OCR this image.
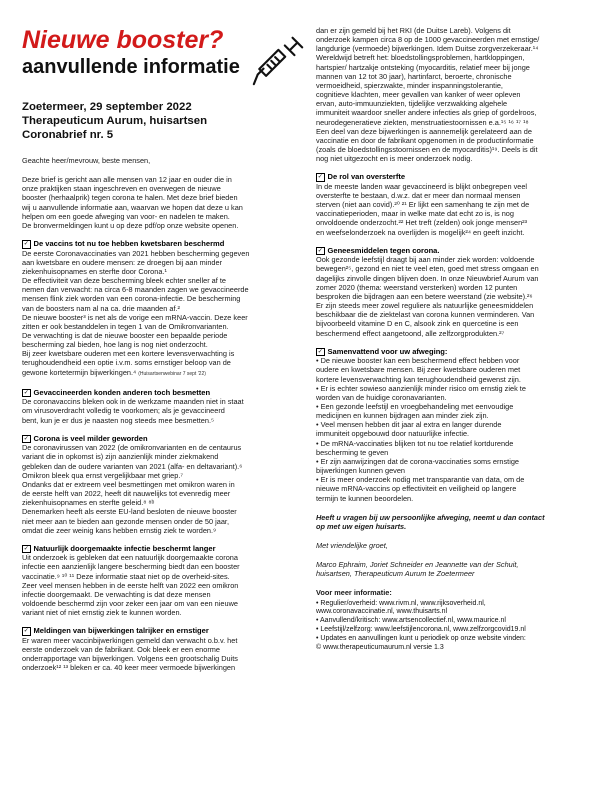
Nieuwe booster?
aanvullende informatie
Zoetermeer, 29 september 2022
Therapeuticum Aurum, huisartsen
Coronabrief nr. 5

Geachte heer/mevrouw, beste mensen,

Deze brief is gericht aan alle mensen van 12 jaar en ouder die in
onze praktijken staan ingeschreven en overwegen de nieuwe
booster (herhaalprik) tegen corona te halen. Met deze brief bieden
wij u aanvullende informatie aan, waarvan we hopen dat deze u kan
helpen om een goede afweging van voor- en nadelen te maken.
De bronvermeldingen kunt u op deze pdf/op onze website openen.
✓ De vaccins tot nu toe hebben kwetsbaren beschermd
De eerste Coronavaccinaties van 2021 hebben bescherming gegeven
aan kwetsbare en oudere mensen: ze droegen bij aan minder
ziekenhuisopnames en sterfte door Corona.¹
De effectiviteit van deze bescherming bleek echter sneller af te
nemen dan verwacht: na circa 6-8 maanden zagen we gevaccineerde
mensen flink ziek worden van een corona-infectie. De bescherming
van de boosters nam al na ca. drie maanden af.²
De nieuwe booster³ is net als de vorige een mRNA-vaccin. Deze keer
zitten er ook bestanddelen in tegen 1 van de Omikronvarianten.
De verwachting is dat de nieuwe booster een bepaalde periode
bescherming zal bieden, hoe lang is nog niet onderzocht.
Bij zeer kwetsbare ouderen met een kortere levensverwachting is
terughoudendheid een optie i.v.m. soms ernstiger beloop van de
gewone kortetermijn bijwerkingen.⁴ (Huisartsenwebinar 7 sept '22)
✓ Gevaccineerden konden anderen toch besmetten
De coronavaccins bleken ook in de werkzame maanden niet in staat
om virusoverdracht volledig te voorkomen; als je gevaccineerd
bent, kun je er dus je naasten nog steeds mee besmetten.⁵
✓ Corona is veel milder geworden
De coronavirussen van 2022 (de omikronvarianten en de centaurus
variant die in opkomst is) zijn aanzienlijk minder ziekmakend
gebleken dan de oudere varianten van 2021 (alfa- en deltavariant).⁶
Omikron bleek qua ernst vergelijkbaar met griep.⁷
Ondanks dat er extreem veel besmettingen met omikron waren in
de eerste helft van 2022, heeft dit nauwelijks tot evenredig meer
ziekenhuisopnames en sterfte geleid.⁸ ⁸ᵇ
Denemarken heeft als eerste EU-land besloten de nieuwe booster
niet meer aan te bieden aan gezonde mensen onder de 50 jaar,
omdat die zeer weinig kans hebben ernstig ziek te worden.⁹
✓ Natuurlijk doorgemaakte infectie beschermt langer
Uit onderzoek is gebleken dat een natuurlijk doorgemaakte corona
infectie een aanzienlijk langere bescherming biedt dan een booster
vaccinatie.⁹ ¹⁰ ¹¹ Deze informatie staat niet op de overheid-sites.
Zeer veel mensen hebben in de eerste helft van 2022 een omikron
infectie doorgemaakt. De verwachting is dat deze mensen
voldoende beschermd zijn voor zeker een jaar om van een nieuwe
variant niet of niet ernstig ziek te kunnen worden.
✓ Meldingen van bijwerkingen talrijker en ernstiger
Er waren meer vaccinbijwerkingen gemeld dan verwacht o.b.v. het
eerste onderzoek van de fabrikant. Ook bleek er een enorme
onderrapportage van bijwerkingen. Volgens een grootschalig Duits
onderzoek¹² ¹³ bleken er ca. 40 keer meer vermoede bijwerkingen
dan er zijn gemeld bij het RKI (de Duitse Lareb). Volgens dit
onderzoek kampen circa 8 op de 1000 gevaccineerden met ernstige/
langdurige (vermoede) bijwerkingen. Idem Duitse zorgverzekeraar.¹⁴
Wereldwijd betreft het: bloedstollingsproblemen, hartkloppingen,
hartspier/ hartzakje ontsteking (myocarditis, relatief meer bij jonge
mannen van 12 tot 30 jaar), hartinfarct, beroerte, chronische
vermoeidheid, spierzwakte, minder inspanningstolerantie,
cognitieve klachten, meer gevallen van kanker of weer opleven
ervan, auto-immuunziekten, tijdelijke verzwakking algehele
immuniteit waardoor sneller andere infecties als griep of gordelroos,
neurodegeneratieve ziekten, menstruatiestoornissen e.a.¹⁵ ¹⁶ ¹⁷ ¹⁸
Een deel van deze bijwerkingen is aannemelijk gerelateerd aan de
vaccinatie en door de fabrikant opgenomen in de productinformatie
(zoals de bloedstollingsstoornissen en de myocarditis)¹⁹. Deels is dit
nog niet uitgezocht en is meer onderzoek nodig.
✓ De rol van oversterfte
In de meeste landen waar gevaccineerd is blijkt onbegrepen veel
oversterfte te bestaan, d.w.z. dat er meer dan normaal mensen
sterven (niet aan covid).²⁰ ²¹ Er lijkt een samenhang te zijn met de
vaccinatieperioden, maar in welke mate dat echt zo is, is nog
onvoldoende onderzocht.²² Het treft (zelden) ook jonge mensen²³
en weefselonderzoek na overlijden is mogelijk²⁴ en geeft inzicht.
✓ Geneesmiddelen tegen corona.
Ook gezonde leefstijl draagt bij aan minder ziek worden: voldoende
bewegen²⁵, gezond en niet te veel eten, goed met stress omgaan en
dagelijks zinvolle dingen blijven doen. In onze Nieuwbrief Aurum van
zomer 2020 (thema: weerstand versterken) worden 12 punten
besproken die bijdragen aan een betere weerstand (zie website).²⁶
Er zijn steeds meer zowel reguliere als natuurlijke geneesmiddelen
beschikbaar die de ziektelast van corona kunnen verminderen. Van
bijvoorbeeld vitamine D en C, alsook zink en quercetine is een
beschermend effect aangetoond, alle zelfzorgprodukten.²⁷
✓ Samenvattend voor uw afweging:
• De nieuwe booster kan een beschermend effect hebben voor
oudere en kwetsbare mensen. Bij zeer kwetsbare ouderen met
kortere levensverwachting kan terughoudendheid gewenst zijn.
• Er is echter sowieso aanzienlijk minder risico om ernstig ziek te
worden van de huidige coronavarianten.
• Een gezonde leefstijl en vroegbehandeling met eenvoudige
medicijnen en kunnen bijdragen aan minder ziek zijn.
• Veel mensen hebben dit jaar al extra en langer durende
immuniteit opgebouwd door natuurlijke infectie.
• De mRNA-vaccinaties blijken tot nu toe relatief kortdurende
bescherming te geven
• Er zijn aanwijzingen dat de corona-vaccinaties soms ernstige
bijwerkingen kunnen geven
• Er is meer onderzoek nodig met transparantie van data, om de
nieuwe mRNA-vaccins op effectiviteit en veiligheid op langere
termijn te kunnen beoordelen.
Heeft u vragen bij uw persoonlijke afweging, neemt u dan contact
op met uw eigen huisarts.
Met vriendelijke groet,
Marco Ephraim, Joriet Schneider en Jeannette van der Schuit,
huisartsen, Therapeuticum Aurum te Zoetermeer
Voor meer informatie:
• Regulier/overheid: www.rivm.nl, www.rijksoverheid.nl,
www.coronavaccinatie.nl, www.thuisarts.nl
• Aanvullend/kritisch: www.artsencollectief.nl, www.maurice.nl
• Leefstijl/zelfzorg: www.leefstijlencorona.nl, www.zelfzorgcovid19.nl
• Updates en aanvullingen kunt u periodiek op onze website vinden:
© www.therapeuticumaurum.nl versie 1.3
